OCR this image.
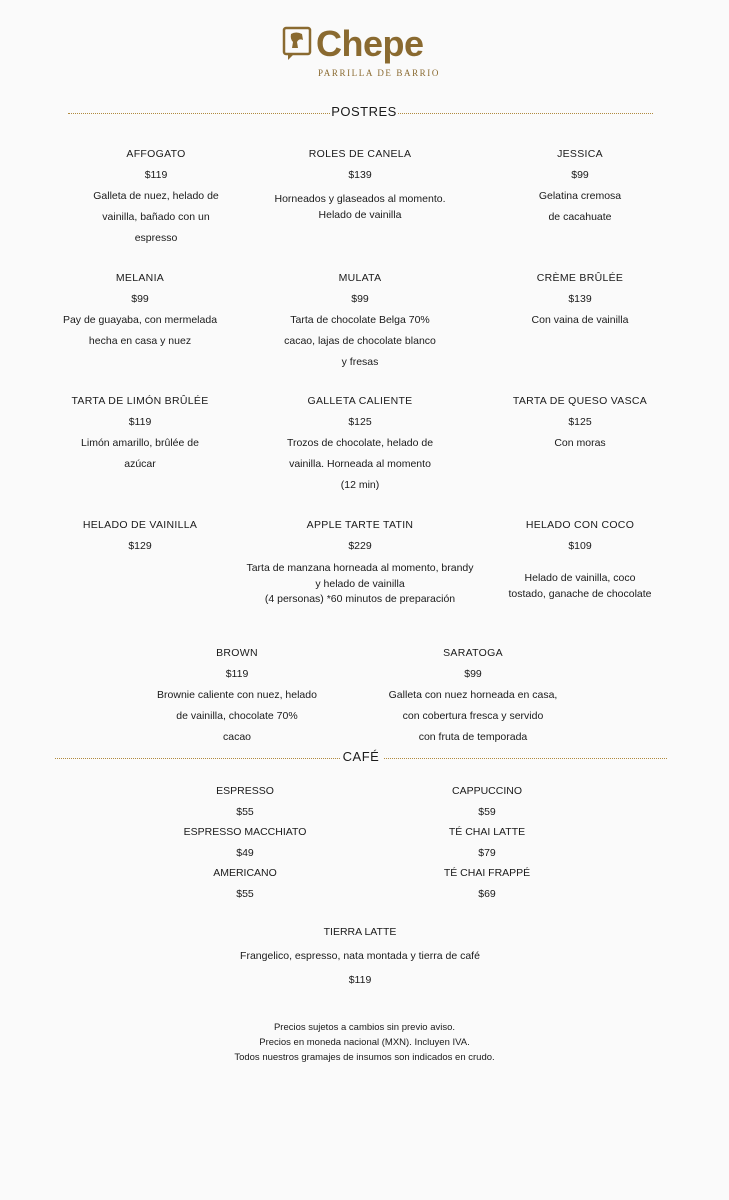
Chepe
PARRILLA DE BARRIO
POSTRES
AFFOGATO
$119
Galleta de nuez, helado de
vainilla, bañado con un
espresso
ROLES DE CANELA
$139
Horneados y glaseados al momento.
Helado de vainilla
JESSICA
$99
Gelatina cremosa
de cacahuate
MELANIA
$99
Pay de guayaba, con mermelada
hecha en casa y nuez
MULATA
$99
Tarta de chocolate Belga 70%
cacao, lajas de chocolate blanco
y fresas
CRÈME BRÛLÉE
$139
Con vaina de vainilla
TARTA DE LIMÓN BRÛLÉE
$119
Limón amarillo, brûlée de
azúcar
GALLETA CALIENTE
$125
Trozos de chocolate, helado de
vainilla. Horneada al momento
(12 min)
TARTA DE QUESO VASCA
$125
Con moras
HELADO DE VAINILLA
$129
APPLE TARTE TATIN
$229
Tarta de manzana horneada al momento, brandy
y helado de vainilla
(4 personas) *60 minutos de preparación
HELADO CON COCO
$109
Helado de vainilla, coco
tostado, ganache de chocolate
BROWN
$119
Brownie caliente con nuez, helado
de vainilla, chocolate 70%
cacao
SARATOGA
$99
Galleta con nuez horneada en casa,
con cobertura fresca y servido
con fruta de temporada
CAFÉ
ESPRESSO
$55
CAPPUCCINO
$59
ESPRESSO MACCHIATO
$49
TÉ CHAI LATTE
$79
AMERICANO
$55
TÉ CHAI FRAPPÉ
$69
TIERRA LATTE
Frangelico, espresso, nata montada y tierra de café
$119
Precios sujetos a cambios sin previo aviso.
Precios en moneda nacional (MXN). Incluyen IVA.
Todos nuestros gramajes de insumos son indicados en crudo.
